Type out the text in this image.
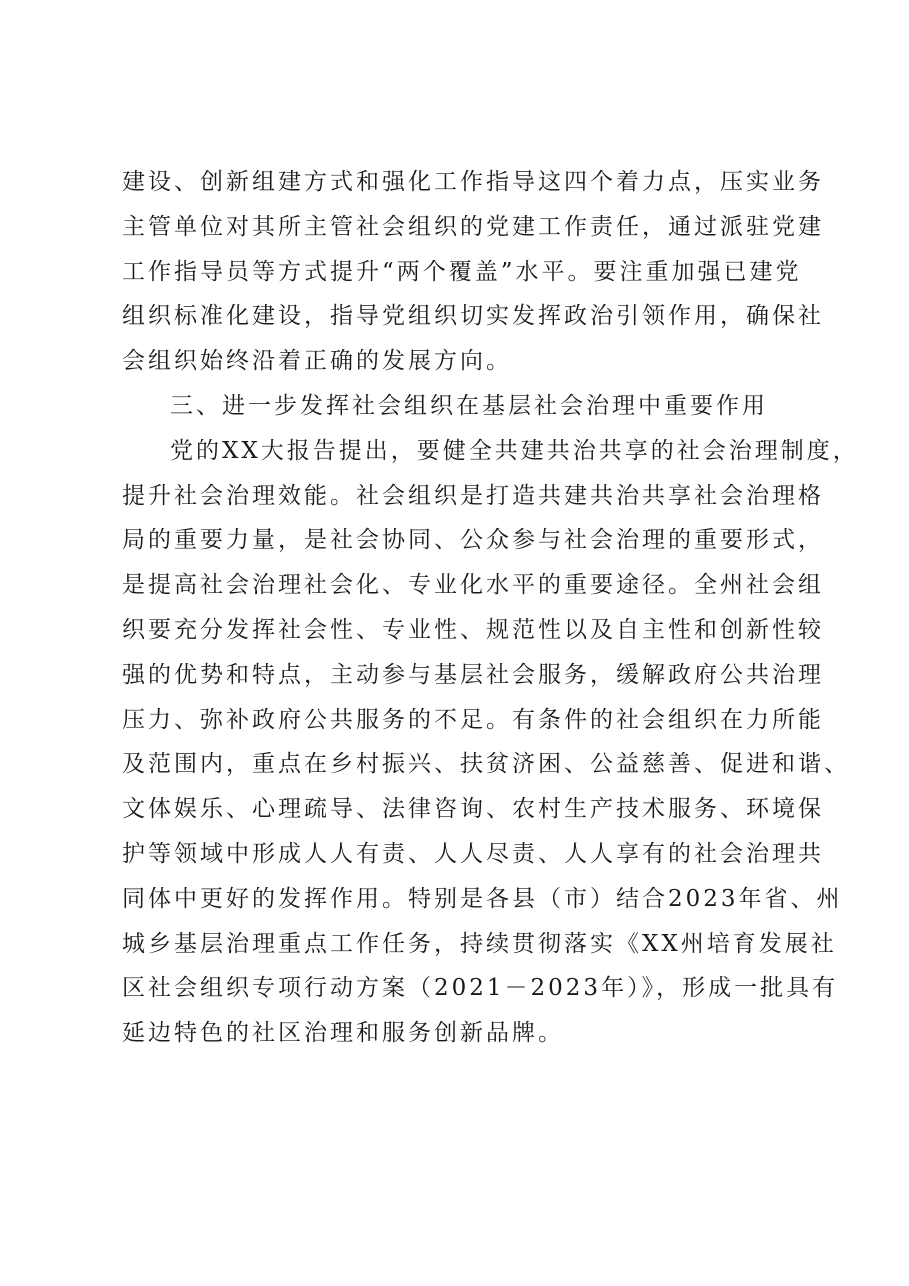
建设、创新组建方式和强化工作指导这四个着力点，压实业务
主管单位对其所主管社会组织的党建工作责任，通过派驻党建
工作指导员等方式提升“两个覆盖”水平。要注重加强已建党
组织标准化建设，指导党组织切实发挥政治引领作用，确保社
会组织始终沿着正确的发展方向。
三、进一步发挥社会组织在基层社会治理中重要作用
党的XX大报告提出，要健全共建共治共享的社会治理制度，
提升社会治理效能。社会组织是打造共建共治共享社会治理格
局的重要力量，是社会协同、公众参与社会治理的重要形式，
是提高社会治理社会化、专业化水平的重要途径。全州社会组
织要充分发挥社会性、专业性、规范性以及自主性和创新性较
强的优势和特点，主动参与基层社会服务，缓解政府公共治理
压力、弥补政府公共服务的不足。有条件的社会组织在力所能
及范围内，重点在乡村振兴、扶贫济困、公益慈善、促进和谐、
文体娱乐、心理疏导、法律咨询、农村生产技术服务、环境保
护等领域中形成人人有责、人人尽责、人人享有的社会治理共
同体中更好的发挥作用。特别是各县（市）结合2023年省、州
城乡基层治理重点工作任务，持续贯彻落实《XX州培育发展社
区社会组织专项行动方案（2021－2023年）》，形成一批具有
延边特色的社区治理和服务创新品牌。
